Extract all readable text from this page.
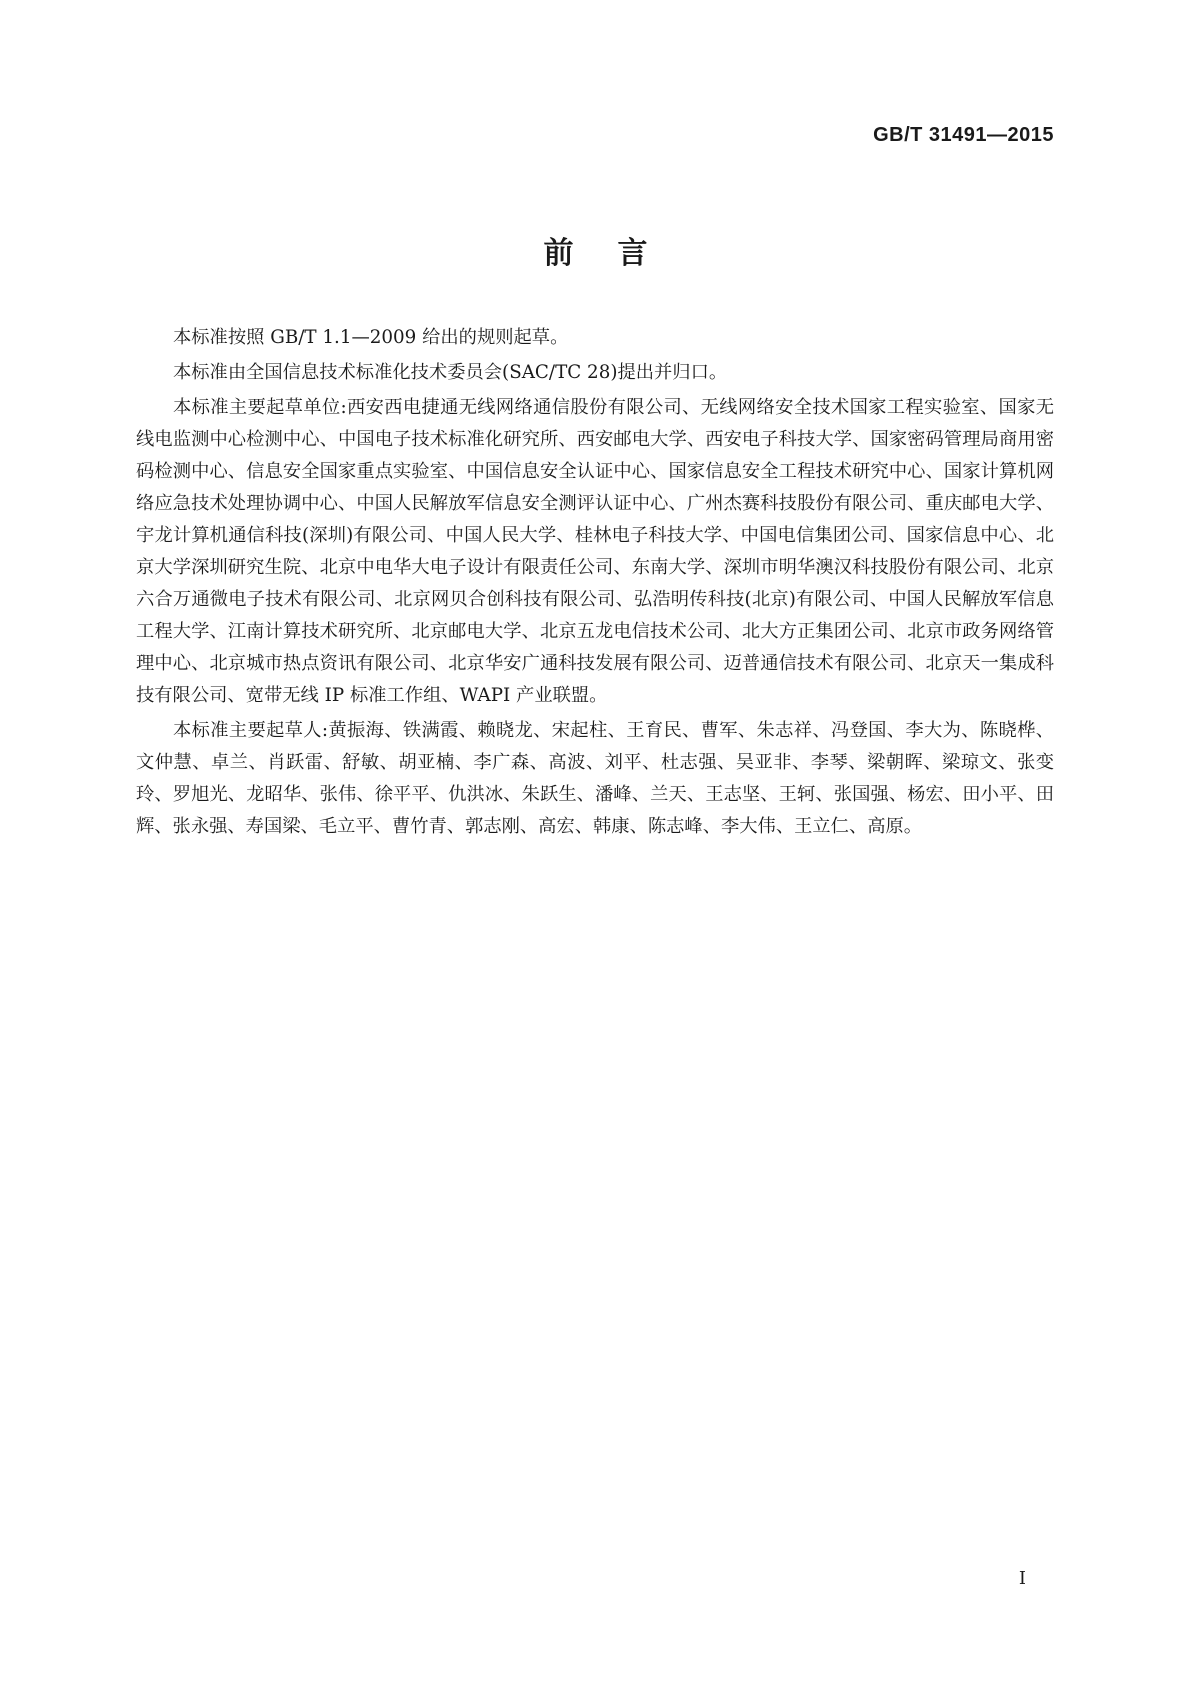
GB/T 31491—2015
前言

本标准按照 GB/T 1.1—2009 给出的规则起草。

本标准由全国信息技术标准化技术委员会(SAC/TC 28)提出并归口。

本标准主要起草单位:西安西电捷通无线网络通信股份有限公司、无线网络安全技术国家工程实验室、国家无线电监测中心检测中心、中国电子技术标准化研究所、西安邮电大学、西安电子科技大学、国家密码管理局商用密码检测中心、信息安全国家重点实验室、中国信息安全认证中心、国家信息安全工程技术研究中心、国家计算机网络应急技术处理协调中心、中国人民解放军信息安全测评认证中心、广州杰赛科技股份有限公司、重庆邮电大学、宇龙计算机通信科技(深圳)有限公司、中国人民大学、桂林电子科技大学、中国电信集团公司、国家信息中心、北京大学深圳研究生院、北京中电华大电子设计有限责任公司、东南大学、深圳市明华澳汉科技股份有限公司、北京六合万通微电子技术有限公司、北京网贝合创科技有限公司、弘浩明传科技(北京)有限公司、中国人民解放军信息工程大学、江南计算技术研究所、北京邮电大学、北京五龙电信技术公司、北大方正集团公司、北京市政务网络管理中心、北京城市热点资讯有限公司、北京华安广通科技发展有限公司、迈普通信技术有限公司、北京天一集成科技有限公司、宽带无线 IP 标准工作组、WAPI 产业联盟。

本标准主要起草人:黄振海、铁满霞、赖晓龙、宋起柱、王育民、曹军、朱志祥、冯登国、李大为、陈晓桦、文仲慧、卓兰、肖跃雷、舒敏、胡亚楠、李广森、高波、刘平、杜志强、吴亚非、李琴、梁朝晖、梁琼文、张变玲、罗旭光、龙昭华、张伟、徐平平、仇洪冰、朱跃生、潘峰、兰天、王志坚、王轲、张国强、杨宏、田小平、田辉、张永强、寿国梁、毛立平、曹竹青、郭志刚、高宏、韩康、陈志峰、李大伟、王立仁、高原。

I
